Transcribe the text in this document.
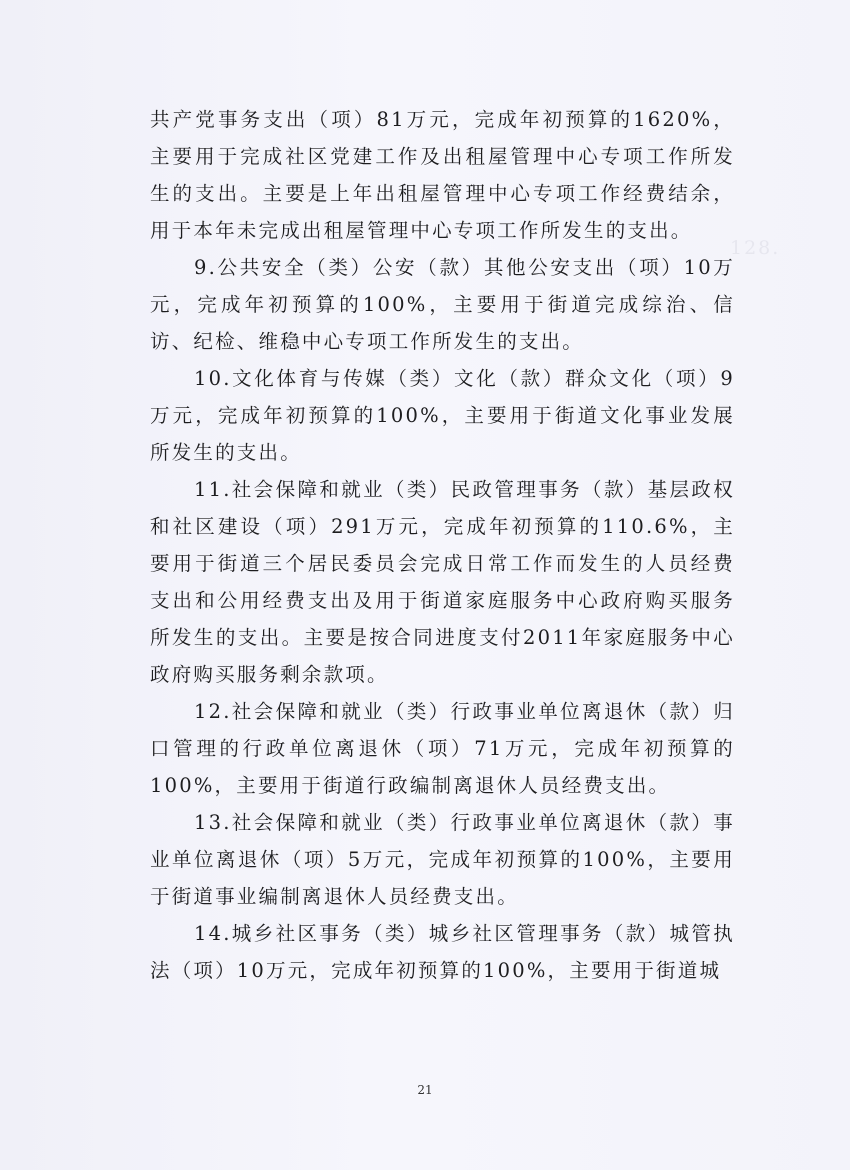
128.

共产党事务支出（项）81万元，完成年初预算的1620%，主要用于完成社区党建工作及出租屋管理中心专项工作所发生的支出。主要是上年出租屋管理中心专项工作经费结余，用于本年未完成出租屋管理中心专项工作所发生的支出。

9.公共安全（类）公安（款）其他公安支出（项）10万元，完成年初预算的100%，主要用于街道完成综治、信访、纪检、维稳中心专项工作所发生的支出。

10.文化体育与传媒（类）文化（款）群众文化（项）9万元，完成年初预算的100%，主要用于街道文化事业发展所发生的支出。

11.社会保障和就业（类）民政管理事务（款）基层政权和社区建设（项）291万元，完成年初预算的110.6%，主要用于街道三个居民委员会完成日常工作而发生的人员经费支出和公用经费支出及用于街道家庭服务中心政府购买服务所发生的支出。主要是按合同进度支付2011年家庭服务中心政府购买服务剩余款项。

12.社会保障和就业（类）行政事业单位离退休（款）归口管理的行政单位离退休（项）71万元，完成年初预算的100%，主要用于街道行政编制离退休人员经费支出。

13.社会保障和就业（类）行政事业单位离退休（款）事业单位离退休（项）5万元，完成年初预算的100%，主要用于街道事业编制离退休人员经费支出。

14.城乡社区事务（类）城乡社区管理事务（款）城管执法（项）10万元，完成年初预算的100%，主要用于街道城

21
